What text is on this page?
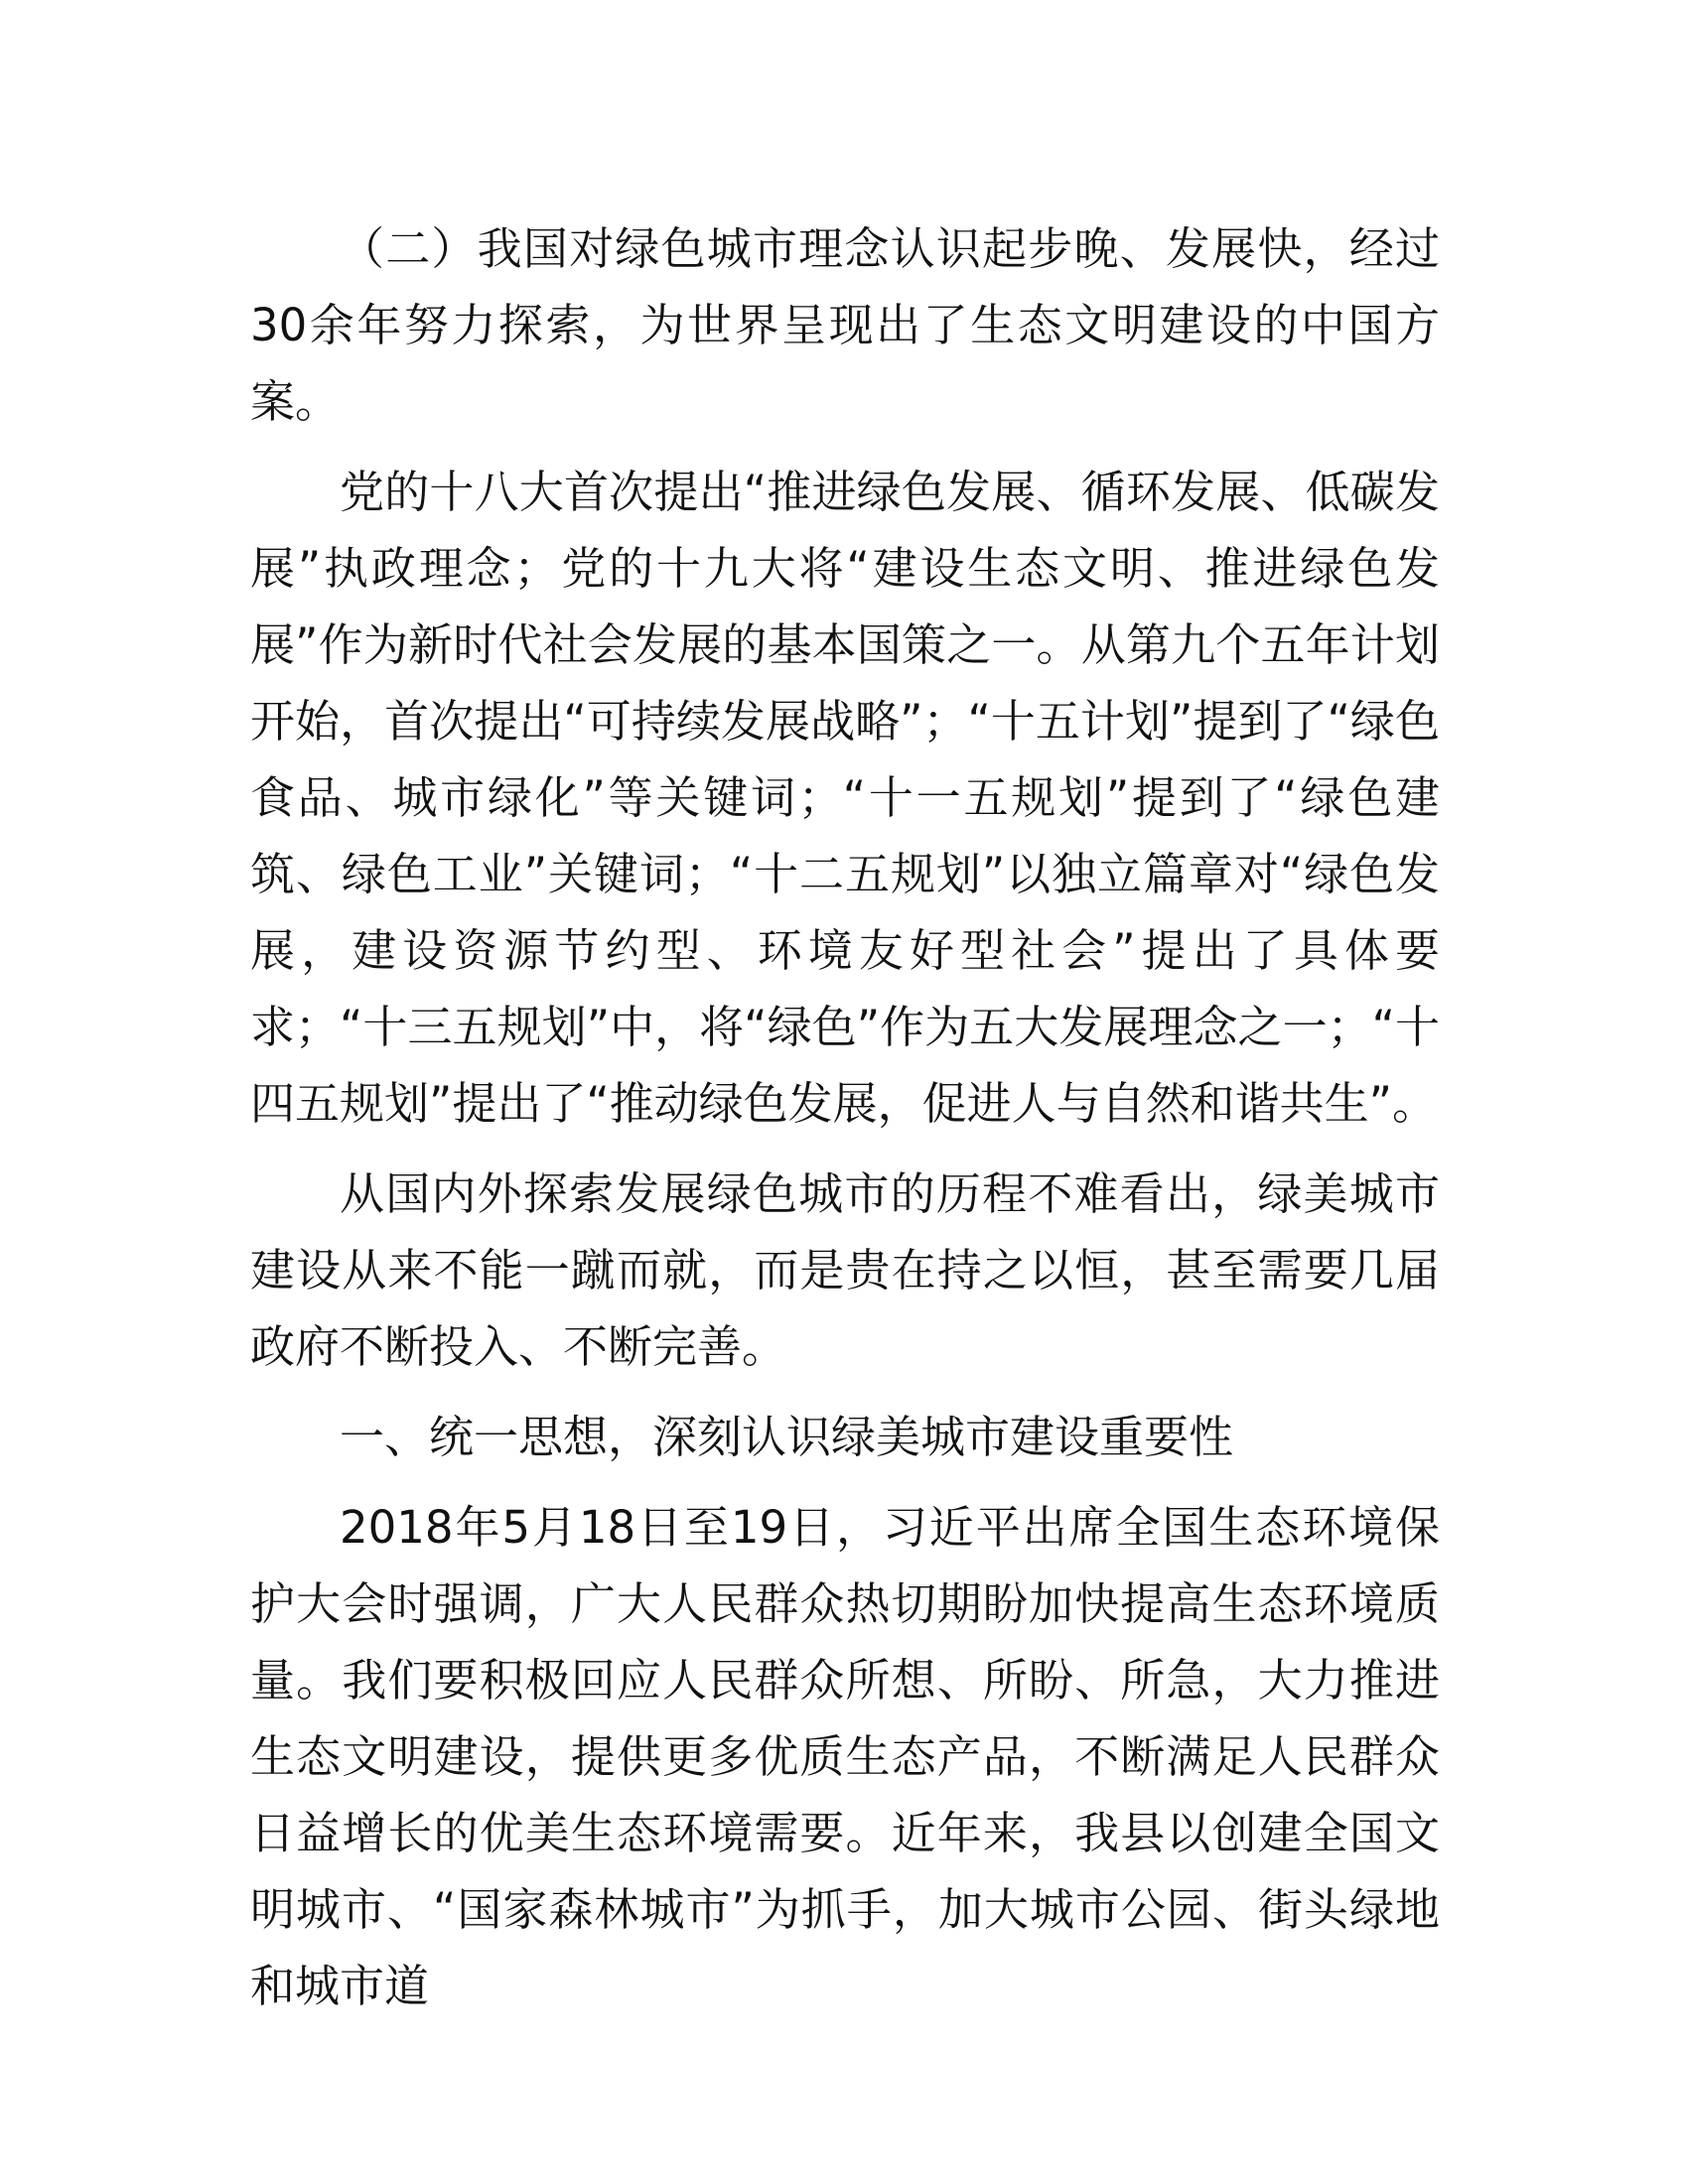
（二）我国对绿色城市理念认识起步晚、发展快，经过30余年努力探索，为世界呈现出了生态文明建设的中国方案。

党的十八大首次提出“推进绿色发展、循环发展、低碳发展”执政理念；党的十九大将“建设生态文明、推进绿色发展”作为新时代社会发展的基本国策之一。从第九个五年计划开始，首次提出“可持续发展战略”；“十五计划”提到了“绿色食品、城市绿化”等关键词；“十一五规划”提到了“绿色建筑、绿色工业”关键词；“十二五规划”以独立篇章对“绿色发展，建设资源节约型、环境友好型社会”提出了具体要求；“十三五规划”中，将“绿色”作为五大发展理念之一；“十四五规划”提出了“推动绿色发展，促进人与自然和谐共生”。

从国内外探索发展绿色城市的历程不难看出，绿美城市建设从来不能一蹴而就，而是贵在持之以恒，甚至需要几届政府不断投入、不断完善。

一、统一思想，深刻认识绿美城市建设重要性

2018年5月18日至19日，习近平出席全国生态环境保护大会时强调，广大人民群众热切期盼加快提高生态环境质量。我们要积极回应人民群众所想、所盼、所急，大力推进生态文明建设，提供更多优质生态产品，不断满足人民群众日益增长的优美生态环境需要。近年来，我县以创建全国文明城市、“国家森林城市”为抓手，加大城市公园、街头绿地和城市道
